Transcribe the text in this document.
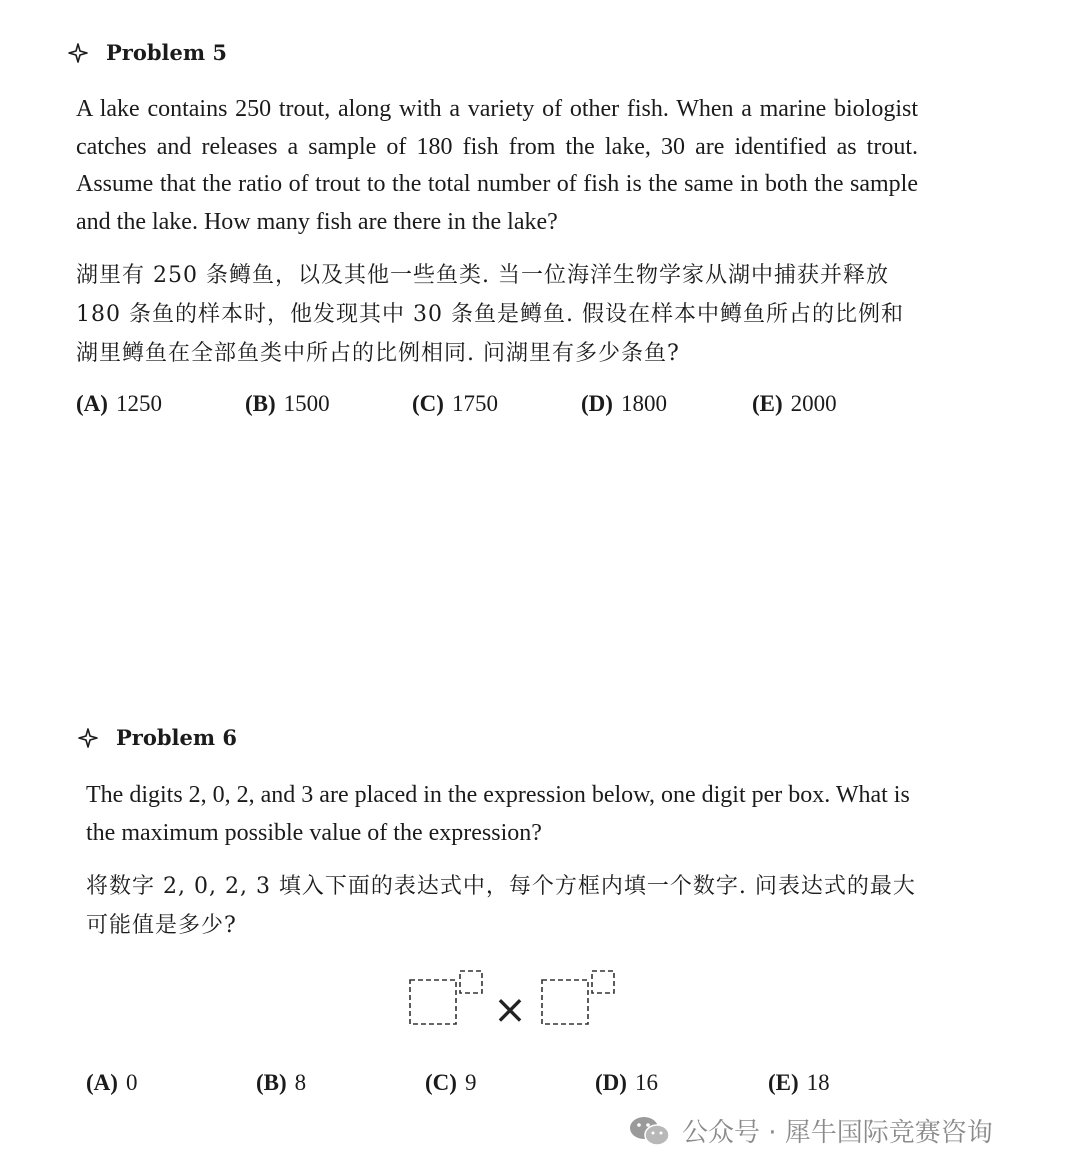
Problem 5

A lake contains 250 trout, along with a variety of other fish. When a marine biologist catches and releases a sample of 180 fish from the lake, 30 are identified as trout. Assume that the ratio of trout to the total number of fish is the same in both the sample and the lake. How many fish are there in the lake?

湖里有 250 条鳟鱼，以及其他一些鱼类. 当一位海洋生物学家从湖中捕获并释放 180 条鱼的样本时，他发现其中 30 条鱼是鳟鱼. 假设在样本中鳟鱼所占的比例和湖里鳟鱼在全部鱼类中所占的比例相同. 问湖里有多少条鱼?

(A) 1250	(B) 1500	(C) 1750	(D) 1800	(E) 2000
Problem 6

The digits 2, 0, 2, and 3 are placed in the expression below, one digit per box. What is the maximum possible value of the expression?

将数字 2, 0, 2, 3 填入下面的表达式中，每个方框内填一个数字. 问表达式的最大可能值是多少?

×
(A) 0	(B) 8	(C) 9	(D) 16	(E) 18
公众号 · 犀牛国际竞赛咨询
